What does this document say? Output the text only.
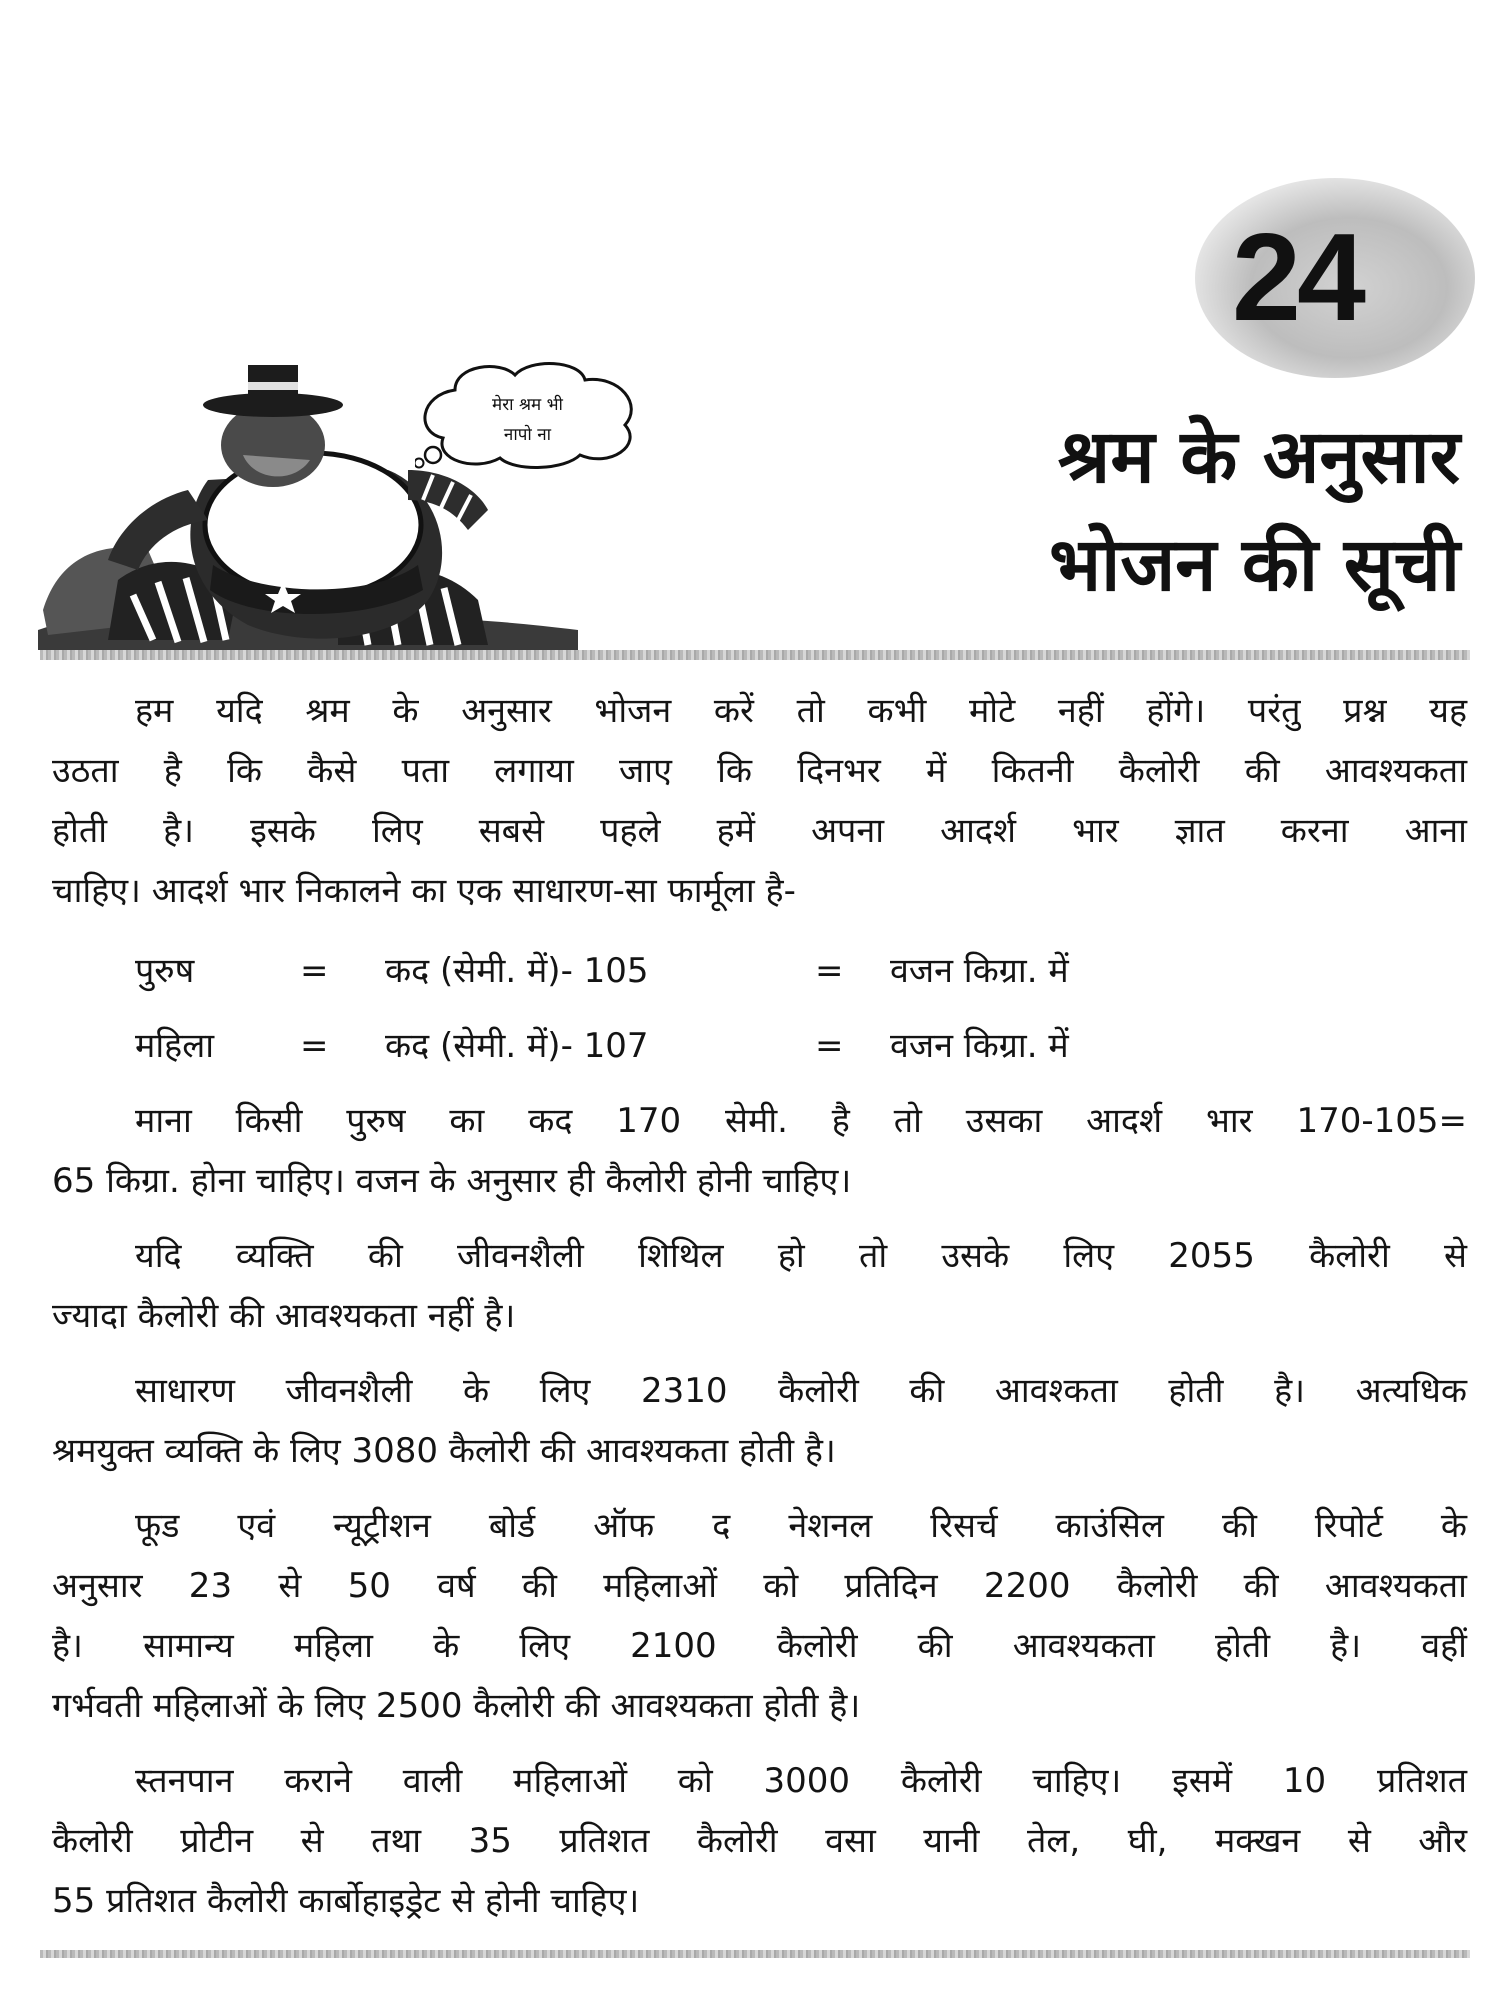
24
श्रम के अनुसार
भोजन की सूची
मेरा श्रम भी
नापो ना

हम यदि श्रम के अनुसार भोजन करें तो कभी मोटे नहीं होंगे। परंतु प्रश्न यह

उठता है कि कैसे पता लगाया जाए कि दिनभर में कितनी कैलोरी की आवश्यकता

होती है। इसके लिए सबसे पहले हमें अपना आदर्श भार ज्ञात करना आना

चाहिए। आदर्श भार निकालने का एक साधारण-सा फार्मूला है-

पुरुष	= कद (सेमी. में)- 105	= वजन किग्रा. में
महिला	= कद (सेमी. में)- 107	= वजन किग्रा. में

माना किसी पुरुष का कद 170 सेमी. है तो उसका आदर्श भार 170-105=

65 किग्रा. होना चाहिए। वजन के अनुसार ही कैलोरी होनी चाहिए।

यदि व्यक्ति की जीवनशैली शिथिल हो तो उसके लिए 2055 कैलोरी से

ज्यादा कैलोरी की आवश्यकता नहीं है।

साधारण जीवनशैली के लिए 2310 कैलोरी की आवश्कता होती है। अत्यधिक

श्रमयुक्त व्यक्ति के लिए 3080 कैलोरी की आवश्यकता होती है।

फूड एवं न्यूट्रीशन बोर्ड ऑफ द नेशनल रिसर्च काउंसिल की रिपोर्ट के

अनुसार 23 से 50 वर्ष की महिलाओं को प्रतिदिन 2200 कैलोरी की आवश्यकता

है। सामान्य महिला के लिए 2100 कैलोरी की आवश्यकता होती है। वहीं

गर्भवती महिलाओं के लिए 2500 कैलोरी की आवश्यकता होती है।

स्तनपान कराने वाली महिलाओं को 3000 कैलोरी चाहिए। इसमें 10 प्रतिशत

कैलोरी प्रोटीन से तथा 35 प्रतिशत कैलोरी वसा यानी तेल, घी, मक्खन से और

55 प्रतिशत कैलोरी कार्बोहाइड्रेट से होनी चाहिए।
